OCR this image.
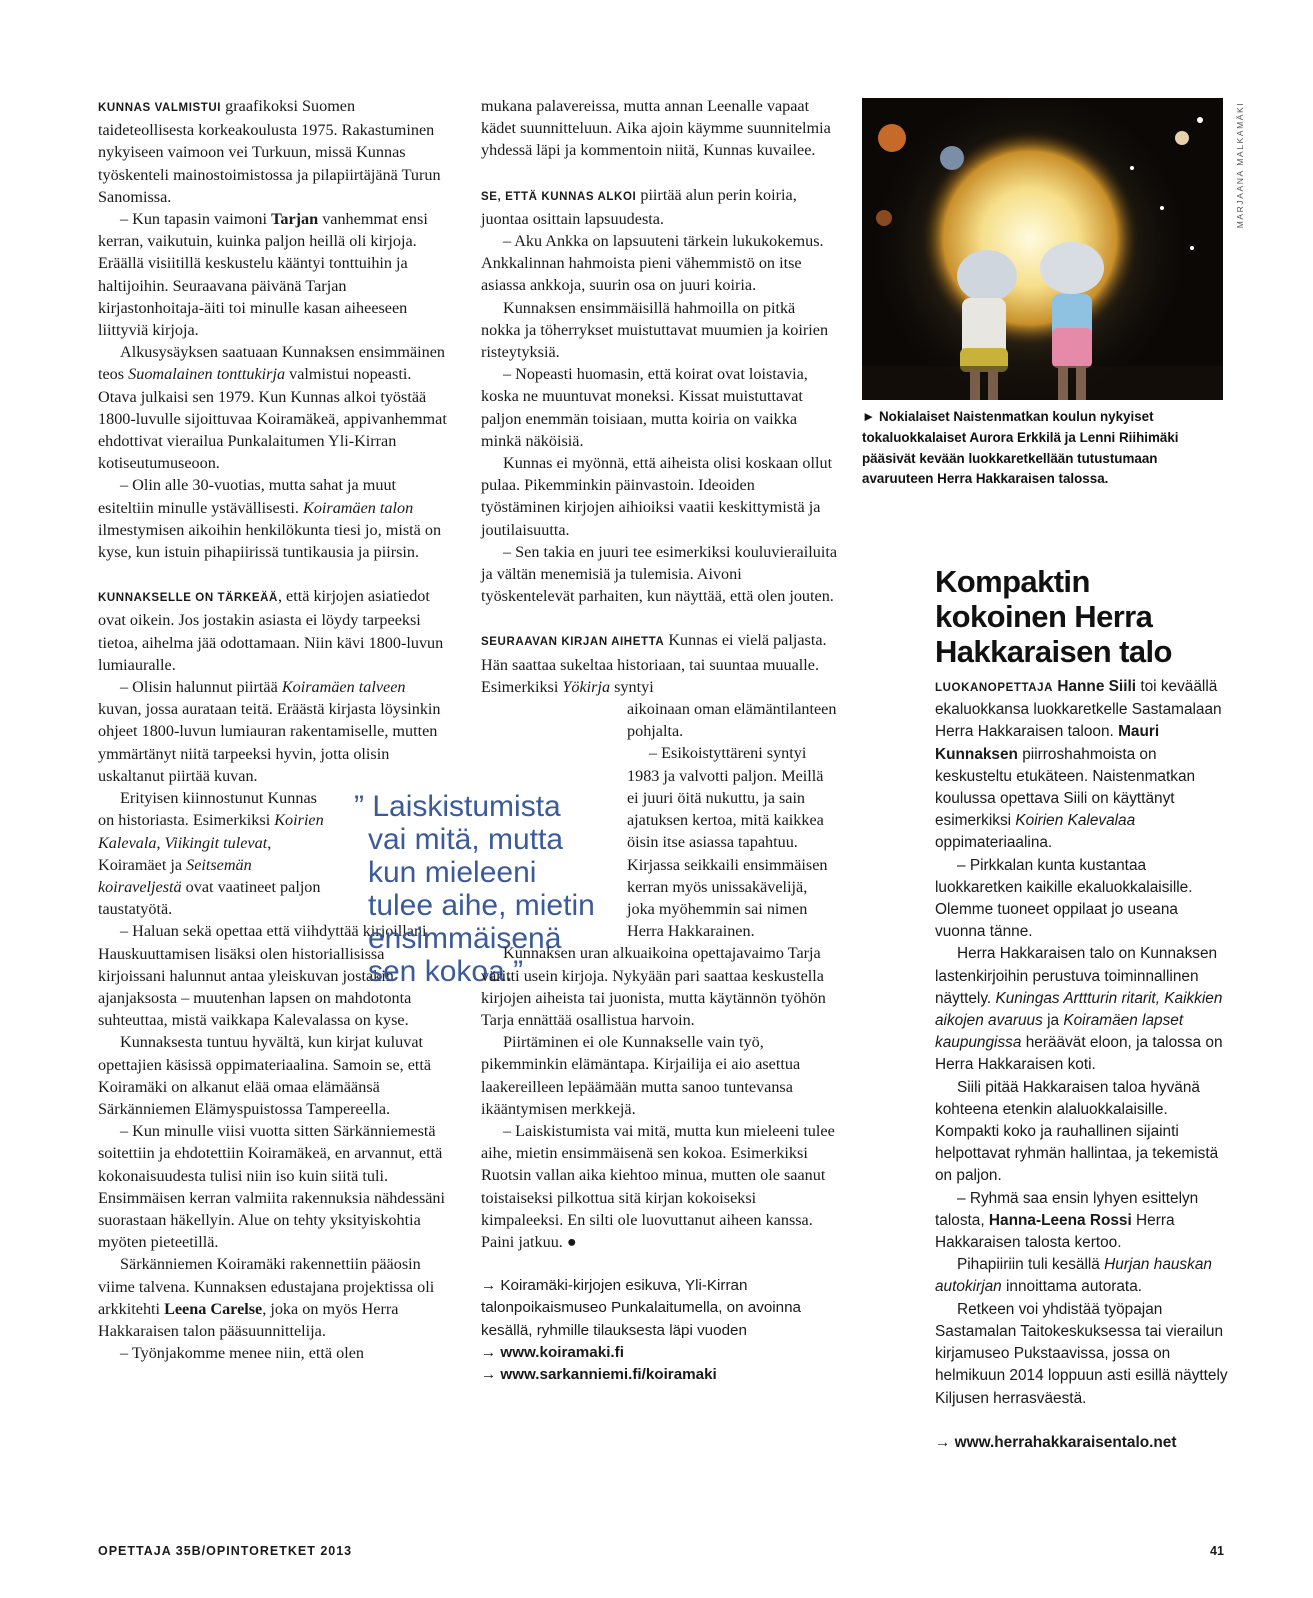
KUNNAS VALMISTUI graafikoksi Suomen taideteollisesta korkeakoulusta 1975. Rakastuminen nykyiseen vaimoon vei Turkuun, missä Kunnas työskenteli mainostoimistossa ja pilapiirtäjänä Turun Sanomissa.

– Kun tapasin vaimoni Tarjan vanhemmat ensi kerran, vaikutuin, kuinka paljon heillä oli kirjoja. Eräällä visiitillä keskustelu kääntyi tonttuihin ja haltijoihin. Seuraavana päivänä Tarjan kirjastonhoitaja-äiti toi minulle kasan aiheeseen liittyviä kirjoja.

Alkusysäyksen saatuaan Kunnaksen ensimmäinen teos Suomalainen tonttukirja valmistui nopeasti. Otava julkaisi sen 1979. Kun Kunnas alkoi työstää 1800-luvulle sijoittuvaa Koiramäkeä, appivanhemmat ehdottivat vierailua Punkalaitumen Yli-Kirran kotiseutumuseoon.

– Olin alle 30-vuotias, mutta sahat ja muut esiteltiin minulle ystävällisesti. Koiramäen talon ilmestymisen aikoihin henkilökunta tiesi jo, mistä on kyse, kun istuin pihapiirissä tuntikausia ja piirsin.

KUNNAKSELLE ON TÄRKEÄÄ, että kirjojen asiatiedot ovat oikein. Jos jostakin asiasta ei löydy tarpeeksi tietoa, aihelma jää odottamaan. Niin kävi 1800-luvun lumiauralle.

– Olisin halunnut piirtää Koiramäen talveen kuvan, jossa aurataan teitä. Eräästä kirjasta löysinkin ohjeet 1800-luvun lumiauran rakentamiselle, mutten ymmärtänyt niitä tarpeeksi hyvin, jotta olisin uskaltanut piirtää kuvan.

Erityisen kiinnostunut Kunnas on historiasta. Esimerkiksi Koirien Kalevala, Viikingit tulevat, Koiramäet ja Seitsemän koiraveljestä ovat vaatineet paljon taustatyötä.

– Haluan sekä opettaa että viihdyttää kirjoillani. Hauskuuttamisen lisäksi olen historiallisissa kirjoissani halunnut antaa yleiskuvan jostakin ajanjaksosta – muutenhan lapsen on mahdotonta suhteuttaa, mistä vaikkapa Kalevalassa on kyse.

Kunnaksesta tuntuu hyvältä, kun kirjat kuluvat opettajien käsissä oppimateriaalina. Samoin se, että Koiramäki on alkanut elää omaa elämäänsä Särkänniemen Elämyspuistossa Tampereella.

– Kun minulle viisi vuotta sitten Särkänniemestä soitettiin ja ehdotettiin Koiramäkeä, en arvannut, että kokonaisuudesta tulisi niin iso kuin siitä tuli. Ensimmäisen kerran valmiita rakennuksia nähdessäni suorastaan häkellyin. Alue on tehty yksityiskohtia myöten pieteetillä.

Särkänniemen Koiramäki rakennettiin pääosin viime talvena. Kunnaksen edustajana projektissa oli arkkitehti Leena Carelse, joka on myös Herra Hakkaraisen talon pääsuunnittelija.

– Työnjakomme menee niin, että olen

” Laiskistumista
vai mitä, mutta
kun mieleeni
tulee aihe, mietin
ensimmäisenä
sen kokoa.”

mukana palavereissa, mutta annan Leenalle vapaat kädet suunnitteluun. Aika ajoin käymme suunnitelmia yhdessä läpi ja kommentoin niitä, Kunnas kuvailee.

SE, ETTÄ KUNNAS ALKOI piirtää alun perin koiria, juontaa osittain lapsuudesta.

– Aku Ankka on lapsuuteni tärkein lukukokemus. Ankkalinnan hahmoista pieni vähemmistö on itse asiassa ankkoja, suurin osa on juuri koiria.

Kunnaksen ensimmäisillä hahmoilla on pitkä nokka ja töherrykset muistuttavat muumien ja koirien risteytyksiä.

– Nopeasti huomasin, että koirat ovat loistavia, koska ne muuntuvat moneksi. Kissat muistuttavat paljon enemmän toisiaan, mutta koiria on vaikka minkä näköisiä.

Kunnas ei myönnä, että aiheista olisi koskaan ollut pulaa. Pikemminkin päinvastoin. Ideoiden työstäminen kirjojen aihioiksi vaatii keskittymistä ja joutilaisuutta.

– Sen takia en juuri tee esimerkiksi kouluvierailuita ja vältän menemisiä ja tulemisia. Aivoni työskentelevät parhaiten, kun näyttää, että olen jouten.

SEURAAVAN KIRJAN AIHETTA Kunnas ei vielä paljasta. Hän saattaa sukeltaa historiaan, tai suuntaa muualle. Esimerkiksi Yökirja syntyi

aikoinaan oman elämäntilanteen pohjalta.

– Esikoistyttäreni syntyi 1983 ja valvotti paljon. Meillä ei juuri öitä nukuttu, ja sain ajatuksen kertoa, mitä kaikkea öisin itse asiassa tapahtuu. Kirjassa seikkaili ensimmäisen kerran myös unissakävelijä, joka myöhemmin sai nimen Herra Hakkarainen.

Kunnaksen uran alkuaikoina opettajavaimo Tarja väritti usein kirjoja. Nykyään pari saattaa keskustella kirjojen aiheista tai juonista, mutta käytännön työhön Tarja ennättää osallistua harvoin.

Piirtäminen ei ole Kunnakselle vain työ, pikemminkin elämäntapa. Kirjailija ei aio asettua laakereilleen lepäämään mutta sanoo tuntevansa ikääntymisen merkkejä.

– Laiskistumista vai mitä, mutta kun mieleeni tulee aihe, mietin ensimmäisenä sen kokoa. Esimerkiksi Ruotsin vallan aika kiehtoo minua, mutten ole saanut toistaiseksi pilkottua sitä kirjan kokoiseksi kimpaleeksi. En silti ole luovuttanut aiheen kanssa. Paini jatkuu. ●

→ Koiramäki-kirjojen esikuva, Yli-Kirran talonpoikaismuseo Punkalaitumella, on avoinna kesällä, ryhmille tilauksesta läpi vuoden

→ www.koiramaki.fi

→ www.sarkanniemi.fi/koiramaki

MARJAANA MALKAMÄKI
► Nokialaiset Naistenmatkan koulun nykyiset tokaluokkalaiset Aurora Erkkilä ja Lenni Riihimäki pääsivät kevään luokkaretkellään tutustumaan avaruuteen Herra Hakkaraisen talossa.
Kompaktin
kokoinen Herra
Hakkaraisen talo

LUOKANOPETTAJA Hanne Siili toi keväällä ekaluokkansa luokkaretkelle Sastamalaan Herra Hakkaraisen taloon. Mauri Kunnaksen piirroshahmoista on keskusteltu etukäteen. Naistenmatkan koulussa opettava Siili on käyttänyt esimerkiksi Koirien Kalevalaa oppimateriaalina.

– Pirkkalan kunta kustantaa luokkaretken kaikille ekaluokkalaisille. Olemme tuoneet oppilaat jo useana vuonna tänne.

Herra Hakkaraisen talo on Kunnaksen lastenkirjoihin perustuva toiminnallinen näyttely. Kuningas Arttturin ritarit, Kaikkien aikojen avaruus ja Koiramäen lapset kaupungissa heräävät eloon, ja talossa on Herra Hakkaraisen koti.

Siili pitää Hakkaraisen taloa hyvänä kohteena etenkin alaluokkalaisille. Kompakti koko ja rauhallinen sijainti helpottavat ryhmän hallintaa, ja tekemistä on paljon.

– Ryhmä saa ensin lyhyen esittelyn talosta, Hanna-Leena Rossi Herra Hakkaraisen talosta kertoo.

Pihapiiriin tuli kesällä Hurjan hauskan autokirjan innoittama autorata.

Retkeen voi yhdistää työpajan Sastamalan Taitokeskuksessa tai vierailun kirjamuseo Pukstaavissa, jossa on helmikuun 2014 loppuun asti esillä näyttely Kiljusen herrasväestä.

→ www.herrahakkaraisentalo.net

OPETTAJA 35B/OPINTORETKET 2013	41
